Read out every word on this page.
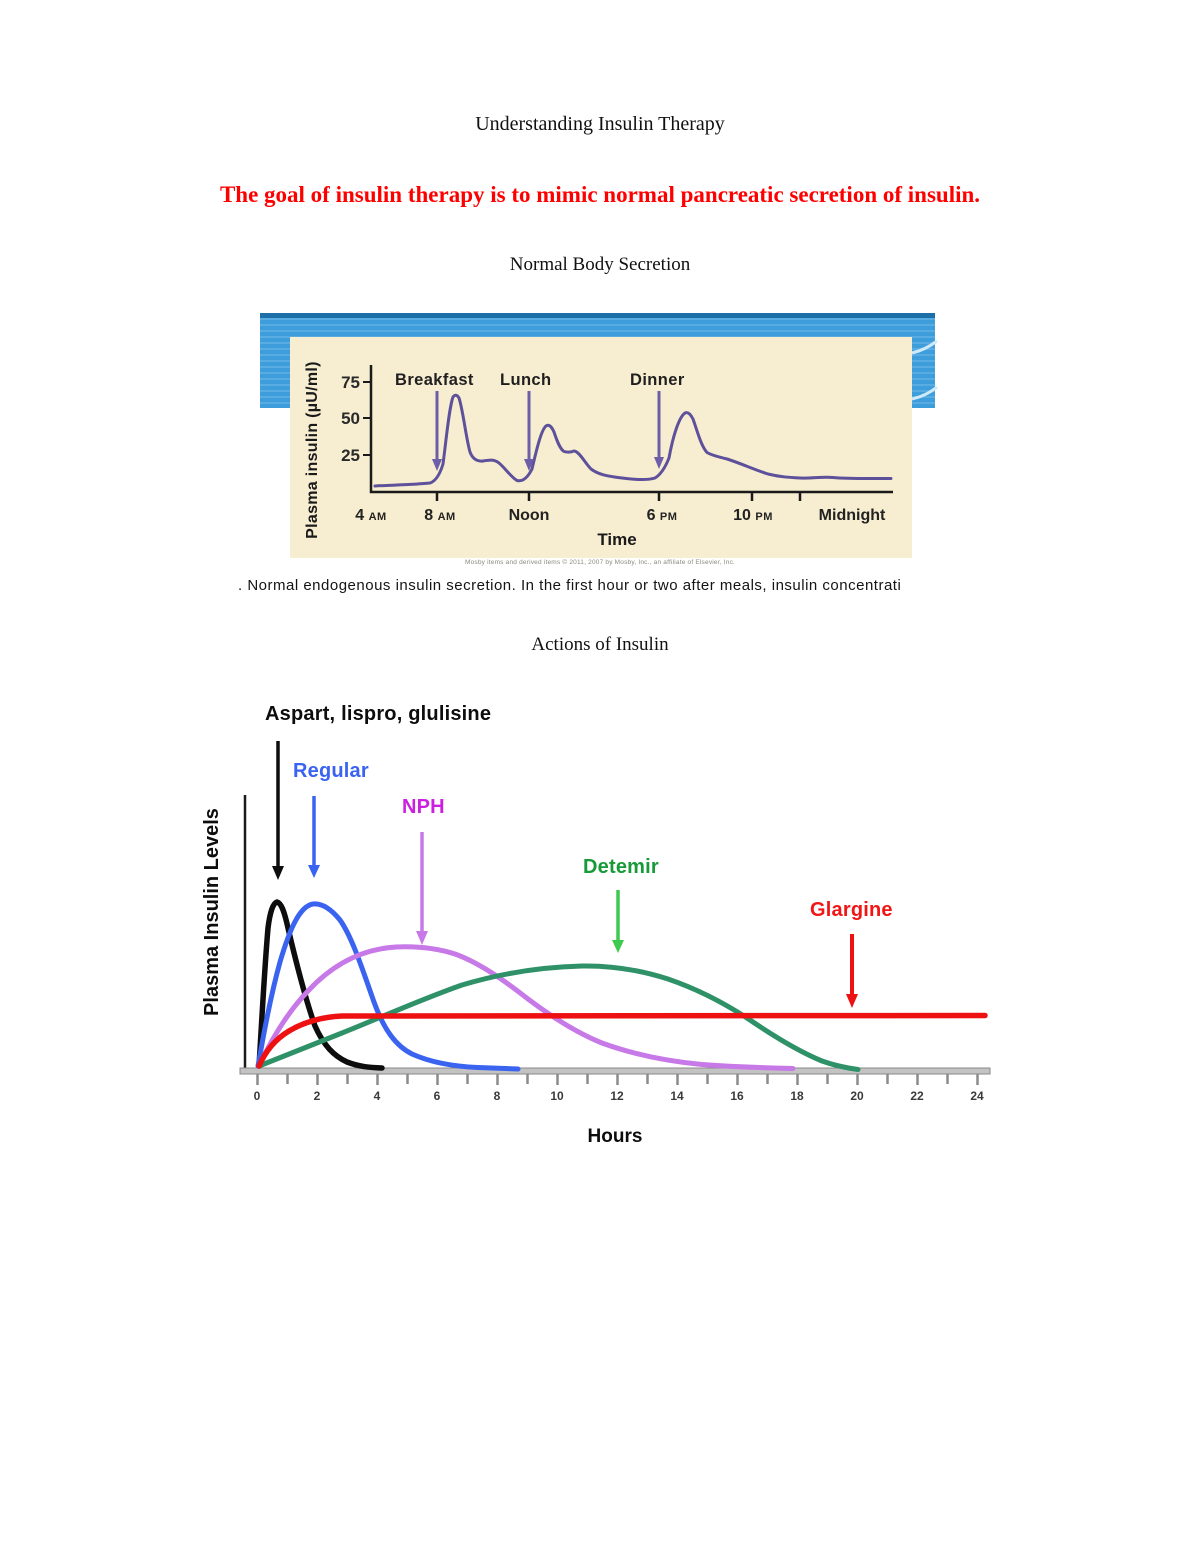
Understanding Insulin Therapy
The goal of insulin therapy is to mimic normal pancreatic secretion of insulin.
Normal Body Secretion
Plasma insulin (µU/ml)	75
50
25
Breakfast Lunch	Dinner
4 AM	8 AM	Noon	6 PM	10 PM	Midnight
Time
Mosby items and derived items © 2011, 2007 by Mosby, Inc., an affiliate of Elsevier, Inc.
. Normal endogenous insulin secretion. In the first hour or two after meals, insulin concentrati
Actions of Insulin
Plasma Insulin Levels
Aspart, lispro, glulisine
Regular
NPH
Detemir
Glargine
0	2	4	6	8	10	12	14	16	18	20	22	24
Hours
